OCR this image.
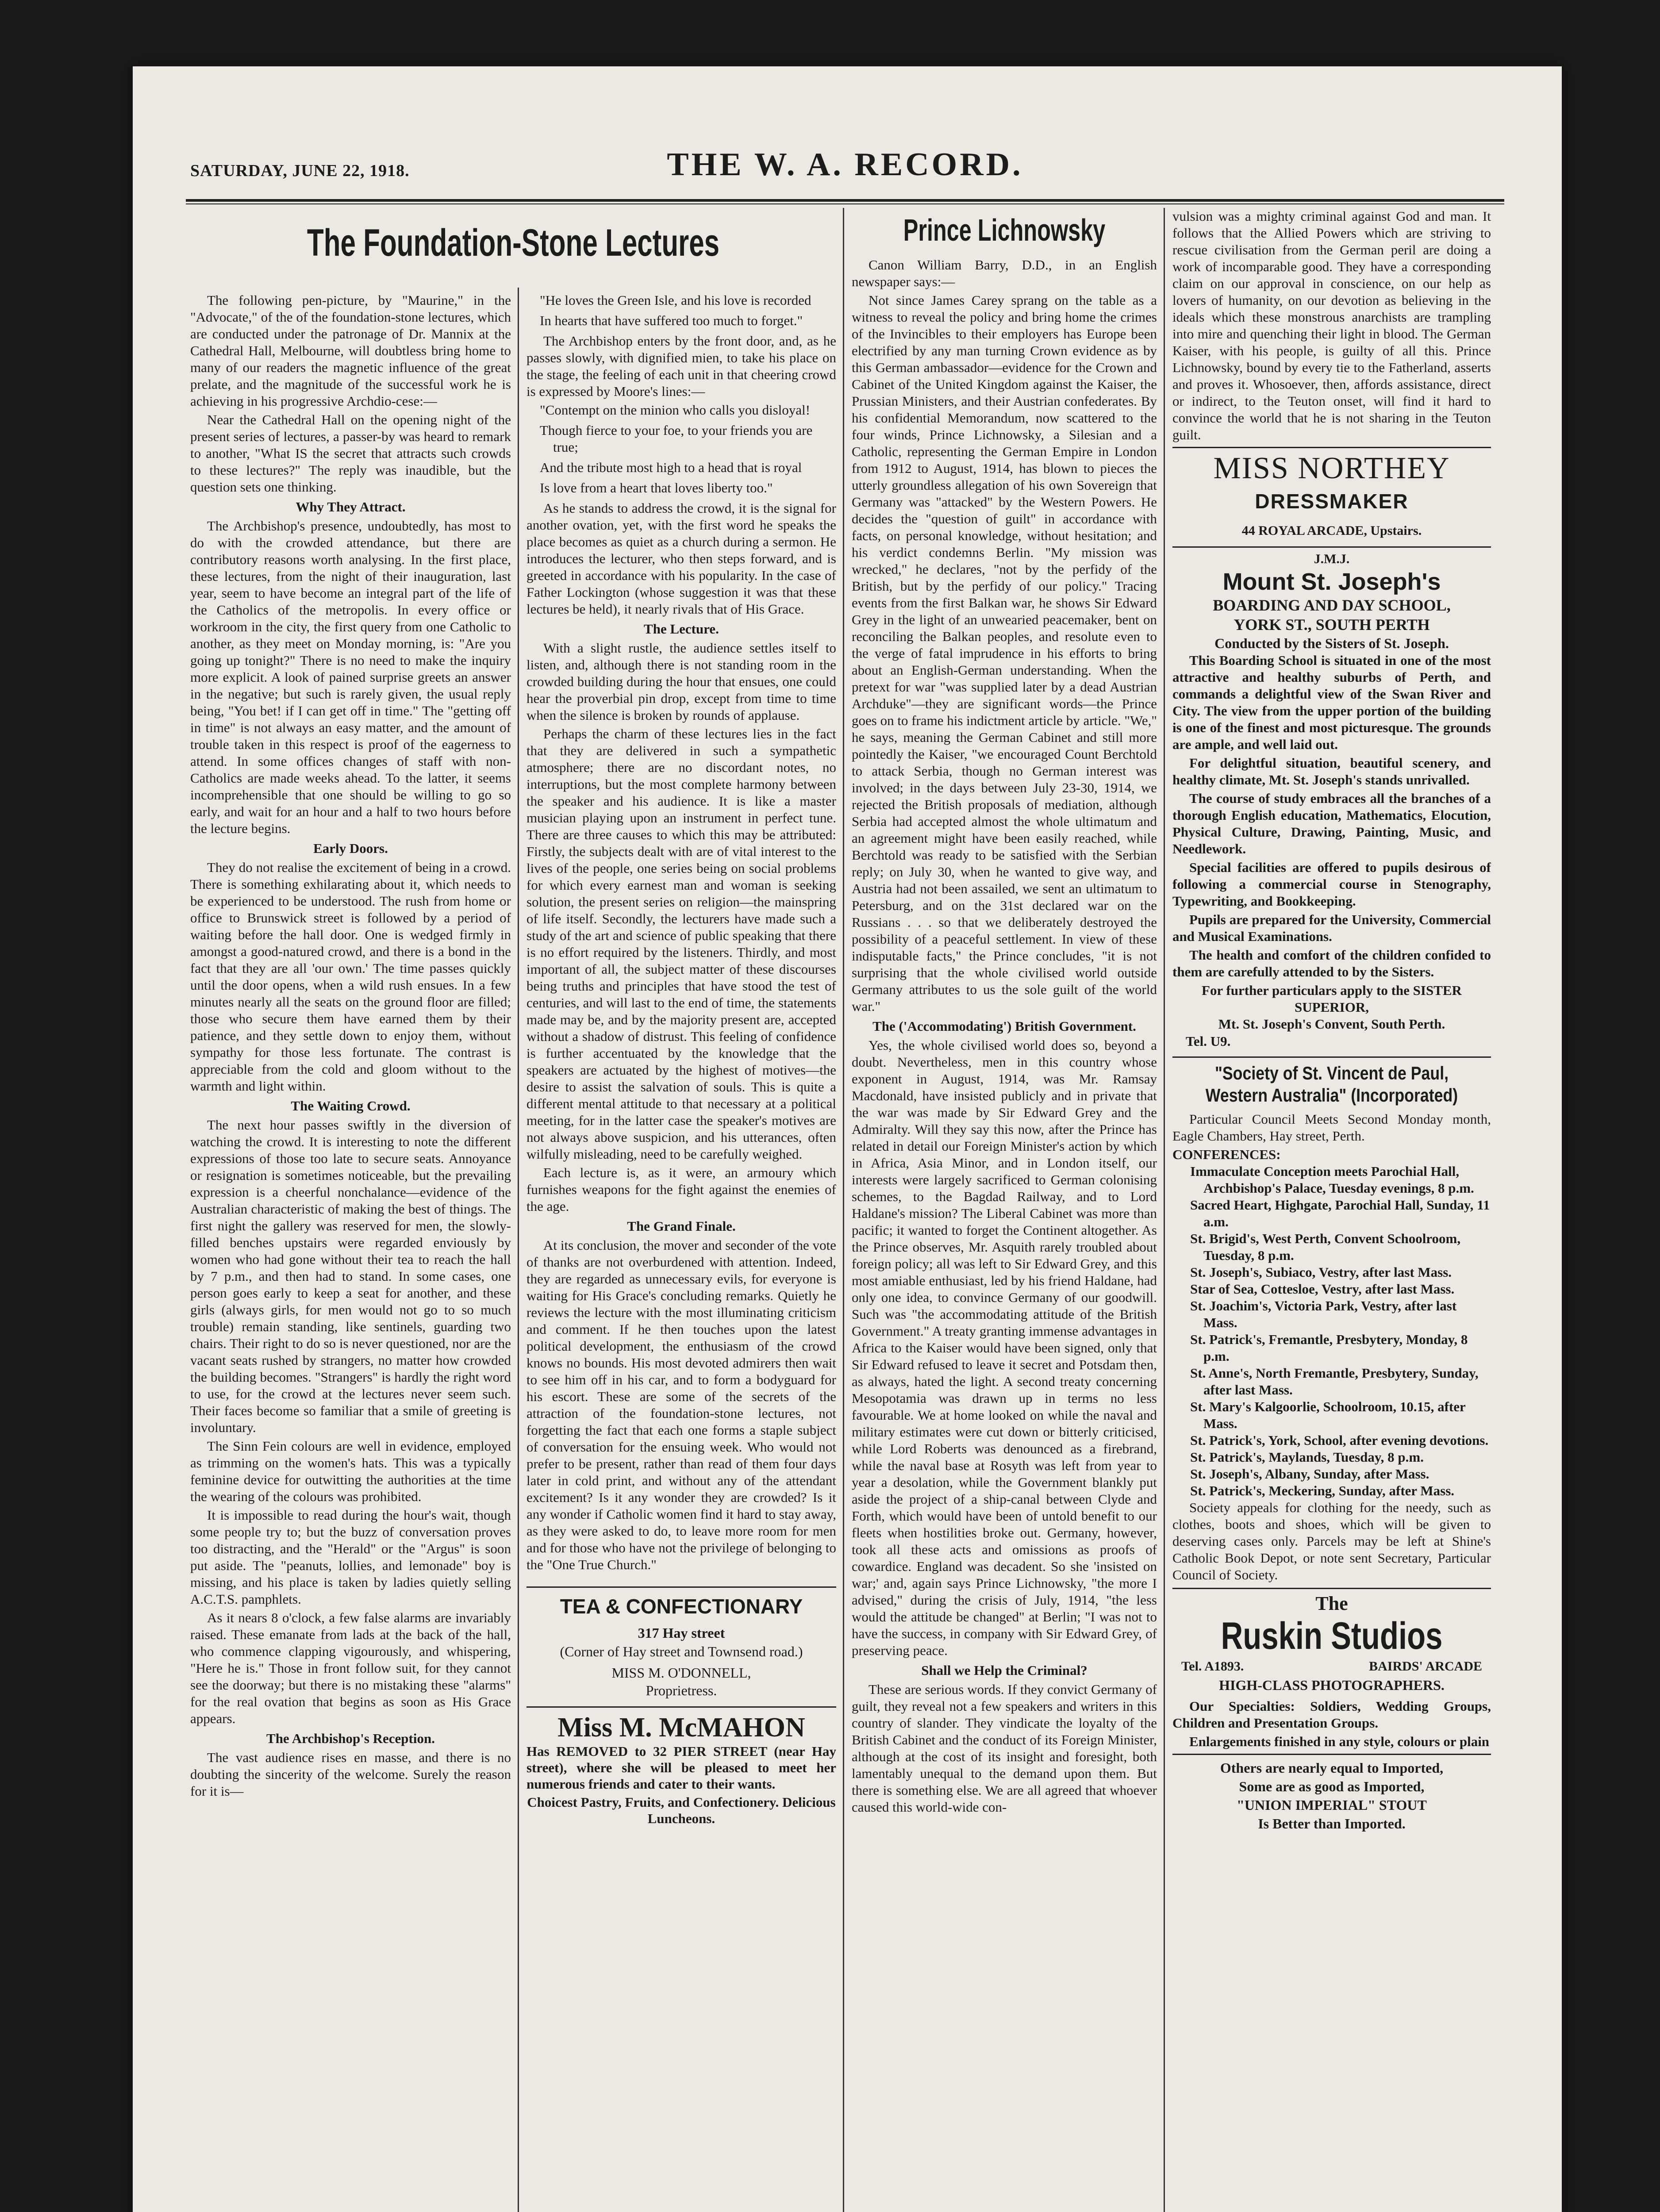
SATURDAY, JUNE 22, 1918.	THE W. A. RECORD.
The Foundation-Stone Lectures

The following pen-picture, by "Maurine," in the "Advocate," of the of the foundation-stone lectures, which are conducted under the patronage of Dr. Mannix at the Cathedral Hall, Melbourne, will doubtless bring home to many of our readers the magnetic influence of the great prelate, and the magnitude of the successful work he is achieving in his progressive Archdio-cese:—

Near the Cathedral Hall on the opening night of the present series of lectures, a passer-by was heard to remark to another, "What IS the secret that attracts such crowds to these lectures?" The reply was inaudible, but the question sets one thinking.

Why They Attract.

The Archbishop's presence, undoubtedly, has most to do with the crowded attendance, but there are contributory reasons worth analysing. In the first place, these lectures, from the night of their inauguration, last year, seem to have become an integral part of the life of the Catholics of the metropolis. In every office or workroom in the city, the first query from one Catholic to another, as they meet on Monday morning, is: "Are you going up tonight?" There is no need to make the inquiry more explicit. A look of pained surprise greets an answer in the negative; but such is rarely given, the usual reply being, "You bet! if I can get off in time." The "getting off in time" is not always an easy matter, and the amount of trouble taken in this respect is proof of the eagerness to attend. In some offices changes of staff with non-Catholics are made weeks ahead. To the latter, it seems incomprehensible that one should be willing to go so early, and wait for an hour and a half to two hours before the lecture begins.

Early Doors.

They do not realise the excitement of being in a crowd. There is something exhilarating about it, which needs to be experienced to be understood. The rush from home or office to Brunswick street is followed by a period of waiting before the hall door. One is wedged firmly in amongst a good-natured crowd, and there is a bond in the fact that they are all 'our own.' The time passes quickly until the door opens, when a wild rush ensues. In a few minutes nearly all the seats on the ground floor are filled; those who secure them have earned them by their patience, and they settle down to enjoy them, without sympathy for those less fortunate. The contrast is appreciable from the cold and gloom without to the warmth and light within.

The Waiting Crowd.

The next hour passes swiftly in the diversion of watching the crowd. It is interesting to note the different expressions of those too late to secure seats. Annoyance or resignation is sometimes noticeable, but the prevailing expression is a cheerful nonchalance—evidence of the Australian characteristic of making the best of things. The first night the gallery was reserved for men, the slowly-filled benches upstairs were regarded enviously by women who had gone without their tea to reach the hall by 7 p.m., and then had to stand. In some cases, one person goes early to keep a seat for another, and these girls (always girls, for men would not go to so much trouble) remain standing, like sentinels, guarding two chairs. Their right to do so is never questioned, nor are the vacant seats rushed by strangers, no matter how crowded the building becomes. "Strangers" is hardly the right word to use, for the crowd at the lectures never seem such. Their faces become so familiar that a smile of greeting is involuntary.

The Sinn Fein colours are well in evidence, employed as trimming on the women's hats. This was a typically feminine device for outwitting the authorities at the time the wearing of the colours was prohibited.

It is impossible to read during the hour's wait, though some people try to; but the buzz of conversation proves too distracting, and the "Herald" or the "Argus" is soon put aside. The "peanuts, lollies, and lemonade" boy is missing, and his place is taken by ladies quietly selling A.C.T.S. pamphlets.

As it nears 8 o'clock, a few false alarms are invariably raised. These emanate from lads at the back of the hall, who commence clapping vigourously, and whispering, "Here he is." Those in front follow suit, for they cannot see the doorway; but there is no mistaking these "alarms" for the real ovation that begins as soon as His Grace appears.

The Archbishop's Reception.

The vast audience rises en masse, and there is no doubting the sincerity of the welcome. Surely the reason for it is—

"He loves the Green Isle, and his love is recorded
In hearts that have suffered too much to forget."

The Archbishop enters by the front door, and, as he passes slowly, with dignified mien, to take his place on the stage, the feeling of each unit in that cheering crowd is expressed by Moore's lines:—

"Contempt on the minion who calls you disloyal!
Though fierce to your foe, to your friends you are true;
And the tribute most high to a head that is royal
Is love from a heart that loves liberty too."

As he stands to address the crowd, it is the signal for another ovation, yet, with the first word he speaks the place becomes as quiet as a church during a sermon. He introduces the lecturer, who then steps forward, and is greeted in accordance with his popularity. In the case of Father Lockington (whose suggestion it was that these lectures be held), it nearly rivals that of His Grace.

The Lecture.

With a slight rustle, the audience settles itself to listen, and, although there is not standing room in the crowded building during the hour that ensues, one could hear the proverbial pin drop, except from time to time when the silence is broken by rounds of applause.

Perhaps the charm of these lectures lies in the fact that they are delivered in such a sympathetic atmosphere; there are no discordant notes, no interruptions, but the most complete harmony between the speaker and his audience. It is like a master musician playing upon an instrument in perfect tune. There are three causes to which this may be attributed: Firstly, the subjects dealt with are of vital interest to the lives of the people, one series being on social problems for which every earnest man and woman is seeking solution, the present series on religion—the mainspring of life itself. Secondly, the lecturers have made such a study of the art and science of public speaking that there is no effort required by the listeners. Thirdly, and most important of all, the subject matter of these discourses being truths and principles that have stood the test of centuries, and will last to the end of time, the statements made may be, and by the majority present are, accepted without a shadow of distrust. This feeling of confidence is further accentuated by the knowledge that the speakers are actuated by the highest of motives—the desire to assist the salvation of souls. This is quite a different mental attitude to that necessary at a political meeting, for in the latter case the speaker's motives are not always above suspicion, and his utterances, often wilfully misleading, need to be carefully weighed.

Each lecture is, as it were, an armoury which furnishes weapons for the fight against the enemies of the age.

The Grand Finale.

At its conclusion, the mover and seconder of the vote of thanks are not overburdened with attention. Indeed, they are regarded as unnecessary evils, for everyone is waiting for His Grace's concluding remarks. Quietly he reviews the lecture with the most illuminating criticism and comment. If he then touches upon the latest political development, the enthusiasm of the crowd knows no bounds. His most devoted admirers then wait to see him off in his car, and to form a bodyguard for his escort. These are some of the secrets of the attraction of the foundation-stone lectures, not forgetting the fact that each one forms a staple subject of conversation for the ensuing week. Who would not prefer to be present, rather than read of them four days later in cold print, and without any of the attendant excitement? Is it any wonder they are crowded? Is it any wonder if Catholic women find it hard to stay away, as they were asked to do, to leave more room for men and for those who have not the privilege of belonging to the "One True Church."

TEA & CONFECTIONARY
317 Hay street
(Corner of Hay street and Townsend road.)
MISS M. O'DONNELL,
Proprietress.
Miss M. McMAHON
Has REMOVED to 32 PIER STREET (near Hay street), where she will be pleased to meet her numerous friends and cater to their wants.
Choicest Pastry, Fruits, and Confectionery. Delicious Luncheons.
Prince Lichnowsky

Canon William Barry, D.D., in an English newspaper says:—

Not since James Carey sprang on the table as a witness to reveal the policy and bring home the crimes of the Invincibles to their employers has Europe been electrified by any man turning Crown evidence as by this German ambassador—evidence for the Crown and Cabinet of the United Kingdom against the Kaiser, the Prussian Ministers, and their Austrian confederates. By his confidential Memorandum, now scattered to the four winds, Prince Lichnowsky, a Silesian and a Catholic, representing the German Empire in London from 1912 to August, 1914, has blown to pieces the utterly groundless allegation of his own Sovereign that Germany was "attacked" by the Western Powers. He decides the "question of guilt" in accordance with facts, on personal knowledge, without hesitation; and his verdict condemns Berlin. "My mission was wrecked," he declares, "not by the perfidy of the British, but by the perfidy of our policy." Tracing events from the first Balkan war, he shows Sir Edward Grey in the light of an unwearied peacemaker, bent on reconciling the Balkan peoples, and resolute even to the verge of fatal imprudence in his efforts to bring about an English-German understanding. When the pretext for war "was supplied later by a dead Austrian Archduke"—they are significant words—the Prince goes on to frame his indictment article by article. "We," he says, meaning the German Cabinet and still more pointedly the Kaiser, "we encouraged Count Berchtold to attack Serbia, though no German interest was involved; in the days between July 23-30, 1914, we rejected the British proposals of mediation, although Serbia had accepted almost the whole ultimatum and an agreement might have been easily reached, while Berchtold was ready to be satisfied with the Serbian reply; on July 30, when he wanted to give way, and Austria had not been assailed, we sent an ultimatum to Petersburg, and on the 31st declared war on the Russians . . . so that we deliberately destroyed the possibility of a peaceful settlement. In view of these indisputable facts," the Prince concludes, "it is not surprising that the whole civilised world outside Germany attributes to us the sole guilt of the world war."

The ('Accommodating') British Government.

Yes, the whole civilised world does so, beyond a doubt. Nevertheless, men in this country whose exponent in August, 1914, was Mr. Ramsay Macdonald, have insisted publicly and in private that the war was made by Sir Edward Grey and the Admiralty. Will they say this now, after the Prince has related in detail our Foreign Minister's action by which in Africa, Asia Minor, and in London itself, our interests were largely sacrificed to German colonising schemes, to the Bagdad Railway, and to Lord Haldane's mission? The Liberal Cabinet was more than pacific; it wanted to forget the Continent altogether. As the Prince observes, Mr. Asquith rarely troubled about foreign policy; all was left to Sir Edward Grey, and this most amiable enthusiast, led by his friend Haldane, had only one idea, to convince Germany of our goodwill. Such was "the accommodating attitude of the British Government." A treaty granting immense advantages in Africa to the Kaiser would have been signed, only that Sir Edward refused to leave it secret and Potsdam then, as always, hated the light. A second treaty concerning Mesopotamia was drawn up in terms no less favourable. We at home looked on while the naval and military estimates were cut down or bitterly criticised, while Lord Roberts was denounced as a firebrand, while the naval base at Rosyth was left from year to year a desolation, while the Government blankly put aside the project of a ship-canal between Clyde and Forth, which would have been of untold benefit to our fleets when hostilities broke out. Germany, however, took all these acts and omissions as proofs of cowardice. England was decadent. So she 'insisted on war;' and, again says Prince Lichnowsky, "the more I advised," during the crisis of July, 1914, "the less would the attitude be changed" at Berlin; "I was not to have the success, in company with Sir Edward Grey, of preserving peace.

Shall we Help the Criminal?

These are serious words. If they convict Germany of guilt, they reveal not a few speakers and writers in this country of slander. They vindicate the loyalty of the British Cabinet and the conduct of its Foreign Minister, although at the cost of its insight and foresight, both lamentably unequal to the demand upon them. But there is something else. We are all agreed that whoever caused this world-wide con-

vulsion was a mighty criminal against God and man. It follows that the Allied Powers which are striving to rescue civilisation from the German peril are doing a work of incomparable good. They have a corresponding claim on our approval in conscience, on our help as lovers of humanity, on our devotion as believing in the ideals which these monstrous anarchists are trampling into mire and quenching their light in blood. The German Kaiser, with his people, is guilty of all this. Prince Lichnowsky, bound by every tie to the Fatherland, asserts and proves it. Whosoever, then, affords assistance, direct or indirect, to the Teuton onset, will find it hard to convince the world that he is not sharing in the Teuton guilt.

MISS NORTHEY
DRESSMAKER
44 ROYAL ARCADE, Upstairs.
J.M.J.
Mount St. Joseph's
BOARDING AND DAY SCHOOL,
YORK ST., SOUTH PERTH
Conducted by the Sisters of St. Joseph.

This Boarding School is situated in one of the most attractive and healthy suburbs of Perth, and commands a delightful view of the Swan River and City. The view from the upper portion of the building is one of the finest and most picturesque. The grounds are ample, and well laid out.

For delightful situation, beautiful scenery, and healthy climate, Mt. St. Joseph's stands unrivalled.

The course of study embraces all the branches of a thorough English education, Mathematics, Elocution, Physical Culture, Drawing, Painting, Music, and Needlework.

Special facilities are offered to pupils desirous of following a commercial course in Stenography, Typewriting, and Bookkeeping.

Pupils are prepared for the University, Commercial and Musical Examinations.

The health and comfort of the children confided to them are carefully attended to by the Sisters.

For further particulars apply to the SISTER SUPERIOR,
Mt. St. Joseph's Convent, South Perth.
Tel. U9.
"Society of St. Vincent de Paul, Western Australia" (Incorporated)

Particular Council Meets Second Monday month, Eagle Chambers, Hay street, Perth.

CONFERENCES:
Immaculate Conception meets Parochial Hall, Archbishop's Palace, Tuesday evenings, 8 p.m.
Sacred Heart, Highgate, Parochial Hall, Sunday, 11 a.m.
St. Brigid's, West Perth, Convent Schoolroom, Tuesday, 8 p.m.
St. Joseph's, Subiaco, Vestry, after last Mass.
Star of Sea, Cottesloe, Vestry, after last Mass.
St. Joachim's, Victoria Park, Vestry, after last Mass.
St. Patrick's, Fremantle, Presbytery, Monday, 8 p.m.
St. Anne's, North Fremantle, Presbytery, Sunday, after last Mass.
St. Mary's Kalgoorlie, Schoolroom, 10.15, after Mass.
St. Patrick's, York, School, after evening devotions.
St. Patrick's, Maylands, Tuesday, 8 p.m.
St. Joseph's, Albany, Sunday, after Mass.
St. Patrick's, Meckering, Sunday, after Mass.

Society appeals for clothing for the needy, such as clothes, boots and shoes, which will be given to deserving cases only. Parcels may be left at Shine's Catholic Book Depot, or note sent Secretary, Particular Council of Society.

The
Ruskin Studios
Tel. A1893.	BAIRDS' ARCADE
HIGH-CLASS PHOTOGRAPHERS.

Our Specialties: Soldiers, Wedding Groups, Children and Presentation Groups.

Enlargements finished in any style, colours or plain

Others are nearly equal to Imported,
Some are as good as Imported,
"UNION IMPERIAL" STOUT
Is Better than Imported.
